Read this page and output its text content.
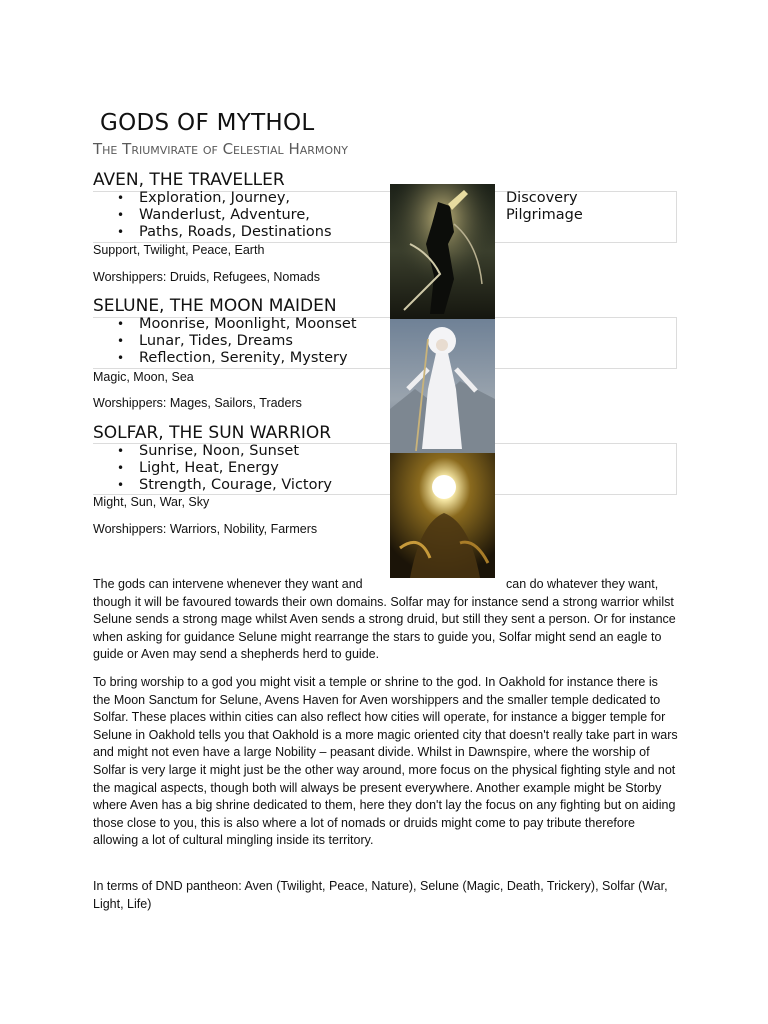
GODS OF MYTHOL
The Triumvirate of Celestial Harmony
AVEN, THE TRAVELLER
• Exploration, Journey,
• Wanderlust, Adventure,
• Paths, Roads, Destinations
Discovery
Pilgrimage
Support, Twilight, Peace, Earth
Worshippers: Druids, Refugees, Nomads
SELUNE, THE MOON MAIDEN
• Moonrise, Moonlight, Moonset
• Lunar, Tides, Dreams
• Reflection, Serenity, Mystery
Magic, Moon, Sea
Worshippers: Mages, Sailors, Traders
SOLFAR, THE SUN WARRIOR
• Sunrise, Noon, Sunset
• Light, Heat, Energy
• Strength, Courage, Victory
Might, Sun, War, Sky
Worshippers: Warriors, Nobility, Farmers
The gods can intervene whenever they want and	can do whatever they want,
though it will be favoured towards their own domains. Solfar may for instance send a strong warrior whilst Selune sends a strong mage whilst Aven sends a strong druid, but still they sent a person. Or for instance when asking for guidance Selune might rearrange the stars to guide you, Solfar might send an eagle to guide or Aven may send a shepherds herd to guide.

To bring worship to a god you might visit a temple or shrine to the god. In Oakhold for instance there is the Moon Sanctum for Selune, Avens Haven for Aven worshippers and the smaller temple dedicated to Solfar. These places within cities can also reflect how cities will operate, for instance a bigger temple for Selune in Oakhold tells you that Oakhold is a more magic oriented city that doesn't really take part in wars and might not even have a large Nobility – peasant divide. Whilst in Dawnspire, where the worship of Solfar is very large it might just be the other way around, more focus on the physical fighting style and not the magical aspects, though both will always be present everywhere. Another example might be Storby where Aven has a big shrine dedicated to them, here they don't lay the focus on any fighting but on aiding those close to you, this is also where a lot of nomads or druids might come to pay tribute therefore allowing a lot of cultural mingling inside its territory.

In terms of DND pantheon: Aven (Twilight, Peace, Nature), Selune (Magic, Death, Trickery), Solfar (War, Light, Life)
